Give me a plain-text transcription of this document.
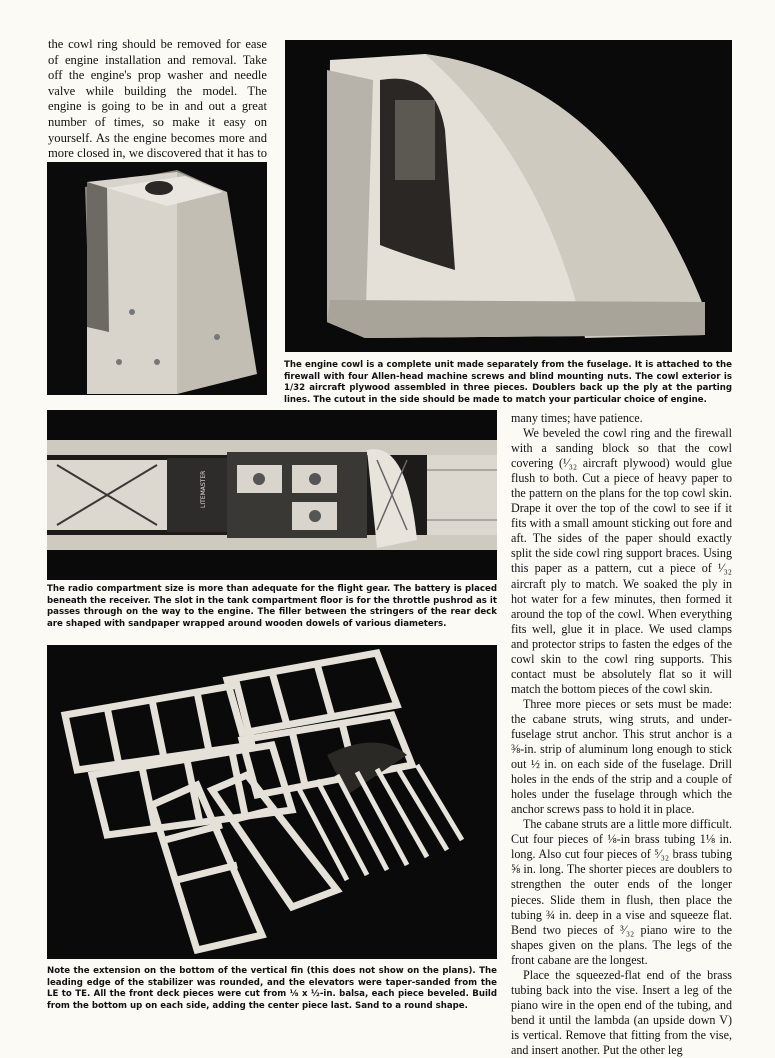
the cowl ring should be removed for ease of engine installation and removal. Take off the engine's prop washer and needle valve while building the model. The engine is going to be in and out a great number of times, so make it easy on yourself. As the engine becomes more and more closed in, we discovered that it has to

The engine cowl is a complete unit made separately from the fuselage. It is attached to the firewall with four Allen-head machine screws and blind mounting nuts. The cowl exterior is 1/32 aircraft plywood assembled in three pieces. Doublers back up the ply at the parting lines. The cutout in the side should be made to match your particular choice of engine.
LITEMASTER
The radio compartment size is more than adequate for the flight gear. The battery is placed beneath the receiver. The slot in the tank compartment floor is for the throttle pushrod as it passes through on the way to the engine. The filler between the stringers of the rear deck are shaped with sandpaper wrapped around wooden dowels of various diameters.
Note the extension on the bottom of the vertical fin (this does not show on the plans). The leading edge of the stabilizer was rounded, and the elevators were taper-sanded from the LE to TE. All the front deck pieces were cut from ⅛ x ½-in. balsa, each piece beveled. Build from the bottom up on each side, adding the center piece last. Sand to a round shape.

many times; have patience.

We beveled the cowl ring and the firewall with a sanding block so that the cowl covering (¹⁄₃₂ aircraft plywood) would glue flush to both. Cut a piece of heavy paper to the pattern on the plans for the top cowl skin. Drape it over the top of the cowl to see if it fits with a small amount sticking out fore and aft. The sides of the paper should exactly split the side cowl ring support braces. Using this paper as a pattern, cut a piece of ¹⁄₃₂ aircraft ply to match. We soaked the ply in hot water for a few minutes, then formed it around the top of the cowl. When everything fits well, glue it in place. We used clamps and protector strips to fasten the edges of the cowl skin to the cowl ring supports. This contact must be absolutely flat so it will match the bottom pieces of the cowl skin.

Three more pieces or sets must be made: the cabane struts, wing struts, and under-fuselage strut anchor. This strut anchor is a ⅜-in. strip of aluminum long enough to stick out ½ in. on each side of the fuselage. Drill holes in the ends of the strip and a couple of holes under the fuselage through which the anchor screws pass to hold it in place.

The cabane struts are a little more difficult. Cut four pieces of ⅛-in brass tubing 1⅛ in. long. Also cut four pieces of ⁵⁄₃₂ brass tubing ⅝ in. long. The shorter pieces are doublers to strengthen the outer ends of the longer pieces. Slide them in flush, then place the tubing ¾ in. deep in a vise and squeeze flat. Bend two pieces of ³⁄₃₂ piano wire to the shapes given on the plans. The legs of the front cabane are the longest.

Place the squeezed-flat end of the brass tubing back into the vise. Insert a leg of the piano wire in the open end of the tubing, and bend it until the lambda (an upside down V) is vertical. Remove that fitting from the vise, and insert another. Put the other leg
